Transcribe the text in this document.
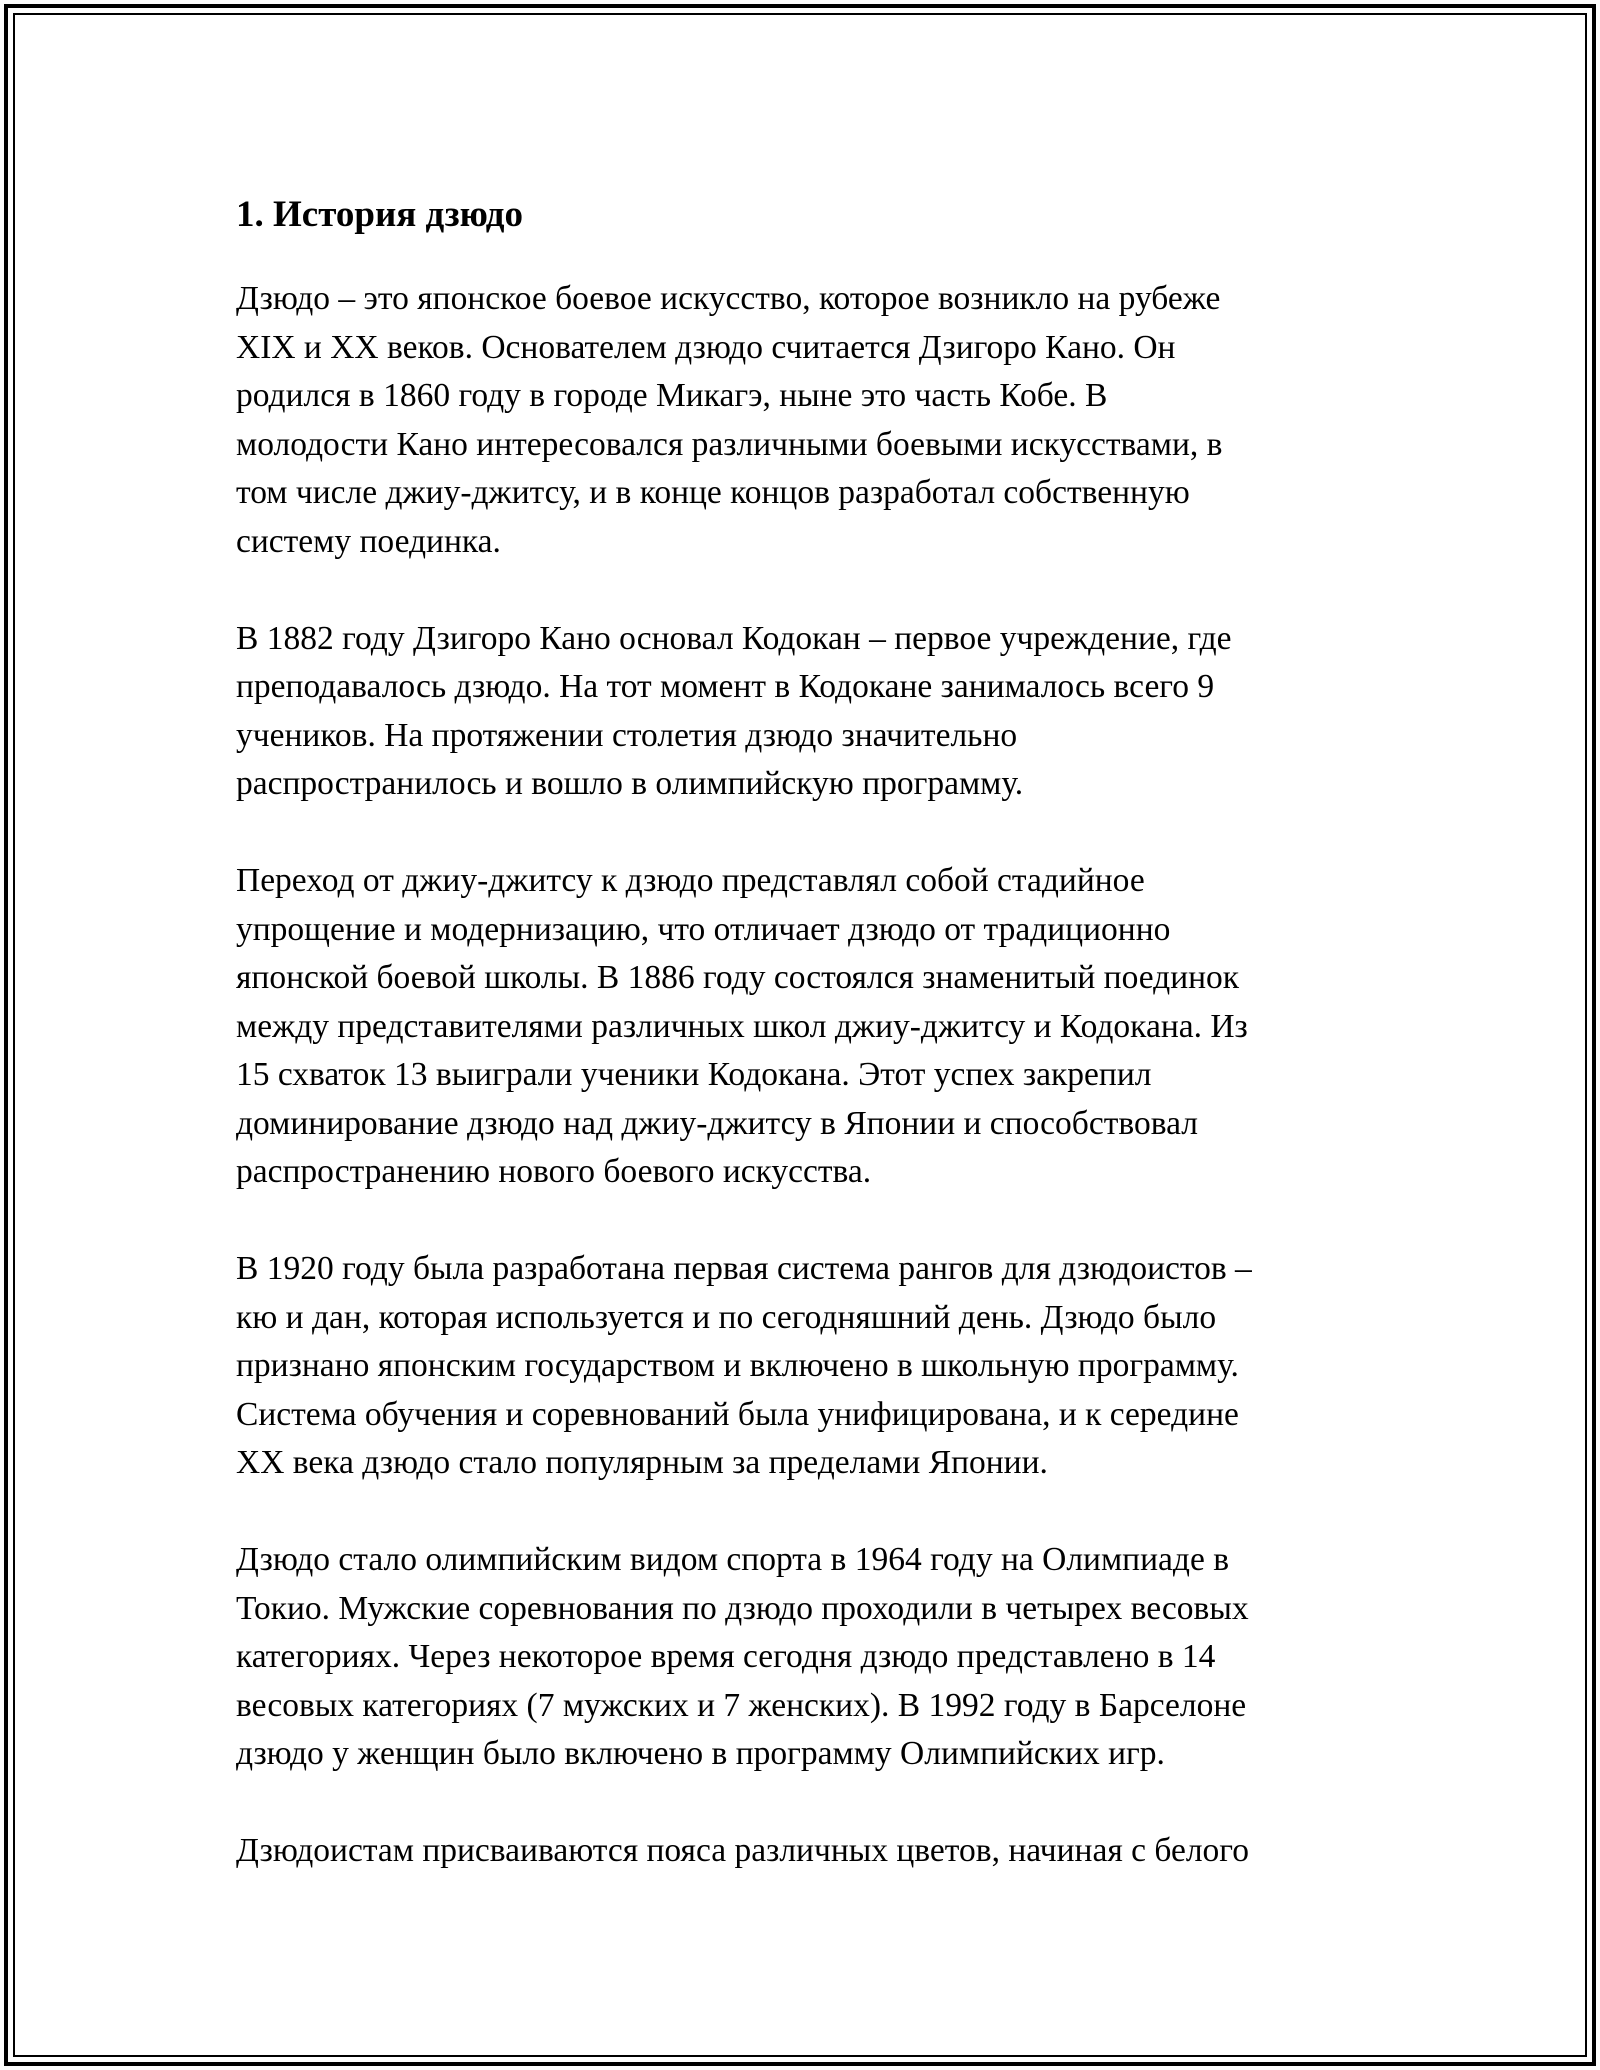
1. История дзюдо

Дзюдо – это японское боевое искусство, которое возникло на рубеже
XIX и XX веков. Основателем дзюдо считается Дзигоро Кано. Он
родился в 1860 году в городе Микагэ, ныне это часть Кобе. В
молодости Кано интересовался различными боевыми искусствами, в
том числе джиу-джитсу, и в конце концов разработал собственную
систему поединка.

В 1882 году Дзигоро Кано основал Кодокан – первое учреждение, где
преподавалось дзюдо. На тот момент в Кодокане занималось всего 9
учеников. На протяжении столетия дзюдо значительно
распространилось и вошло в олимпийскую программу.

Переход от джиу-джитсу к дзюдо представлял собой стадийное
упрощение и модернизацию, что отличает дзюдо от традиционно
японской боевой школы. В 1886 году состоялся знаменитый поединок
между представителями различных школ джиу-джитсу и Кодокана. Из
15 схваток 13 выиграли ученики Кодокана. Этот успех закрепил
доминирование дзюдо над джиу-джитсу в Японии и способствовал
распространению нового боевого искусства.

В 1920 году была разработана первая система рангов для дзюдоистов –
кю и дан, которая используется и по сегодняшний день. Дзюдо было
признано японским государством и включено в школьную программу.
Система обучения и соревнований была унифицирована, и к середине
XX века дзюдо стало популярным за пределами Японии.

Дзюдо стало олимпийским видом спорта в 1964 году на Олимпиаде в
Токио. Мужские соревнования по дзюдо проходили в четырех весовых
категориях. Через некоторое время сегодня дзюдо представлено в 14
весовых категориях (7 мужских и 7 женских). В 1992 году в Барселоне
дзюдо у женщин было включено в программу Олимпийских игр.

Дзюдоистам присваиваются пояса различных цветов, начиная с белого
